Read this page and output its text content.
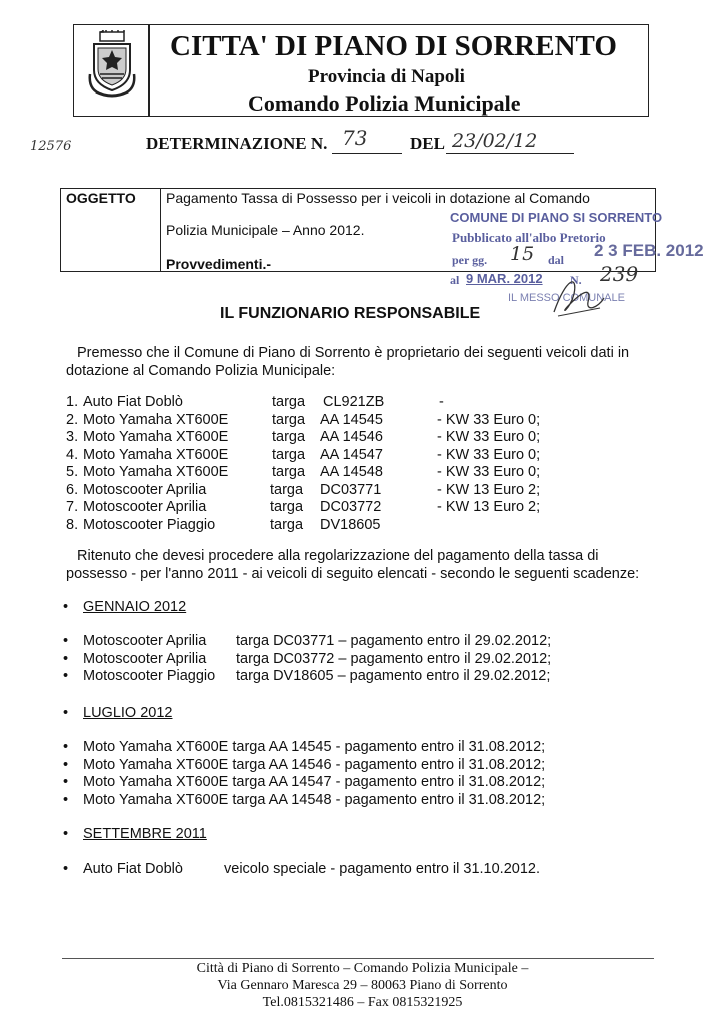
CITTA' DI PIANO DI SORRENTO
Provincia di Napoli
Comando Polizia Municipale
12576	DETERMINAZIONE N. 73	DEL 23/02/12
OGGETTO Pagamento Tassa di Possesso per i veicoli in dotazione al Comando
Polizia Municipale – Anno 2012.
Provvedimenti.-
COMUNE DI PIANO SI SORRENTO
Pubblicato all'albo Pretorio
per gg. 15 dal 2 3 FEB. 2012
al 9 MAR. 2012 N. 239
IL MESSO COMUNALE
IL FUNZIONARIO RESPONSABILE
Premesso che il Comune di Piano di Sorrento è proprietario dei seguenti veicoli dati in
dotazione al Comando Polizia Municipale:
1. Auto Fiat Doblò	targa CL921ZB	-
2. Moto Yamaha XT600E	targa AA 14545	- KW 33 Euro 0;
3. Moto Yamaha XT600E	targa AA 14546	- KW 33 Euro 0;
4. Moto Yamaha XT600E	targa AA 14547	- KW 33 Euro 0;
5. Moto Yamaha XT600E	targa AA 14548	- KW 33 Euro 0;
6. Motoscooter Aprilia	targa DC03771	- KW 13 Euro 2;
7. Motoscooter Aprilia	targa DC03772	- KW 13 Euro 2;
8. Motoscooter Piaggio	targa DV18605
Ritenuto che devesi procedere alla regolarizzazione del pagamento della tassa di
possesso - per l'anno 2011 - ai veicoli di seguito elencati - secondo le seguenti scadenze:
• GENNAIO 2012
• Motoscooter Aprilia targa DC03771 – pagamento entro il 29.02.2012;
• Motoscooter Aprilia targa DC03772 – pagamento entro il 29.02.2012;
• Motoscooter Piaggio targa DV18605 – pagamento entro il 29.02.2012;
• LUGLIO 2012
• Moto Yamaha XT600E targa AA 14545 - pagamento entro il 31.08.2012;
• Moto Yamaha XT600E targa AA 14546 - pagamento entro il 31.08.2012;
• Moto Yamaha XT600E targa AA 14547 - pagamento entro il 31.08.2012;
• Moto Yamaha XT600E targa AA 14548 - pagamento entro il 31.08.2012;
• SETTEMBRE 2011
• Auto Fiat Doblò	veicolo speciale - pagamento entro il 31.10.2012.
Città di Piano di Sorrento – Comando Polizia Municipale –
Via Gennaro Maresca 29 – 80063 Piano di Sorrento
Tel.0815321486 – Fax 0815321925
